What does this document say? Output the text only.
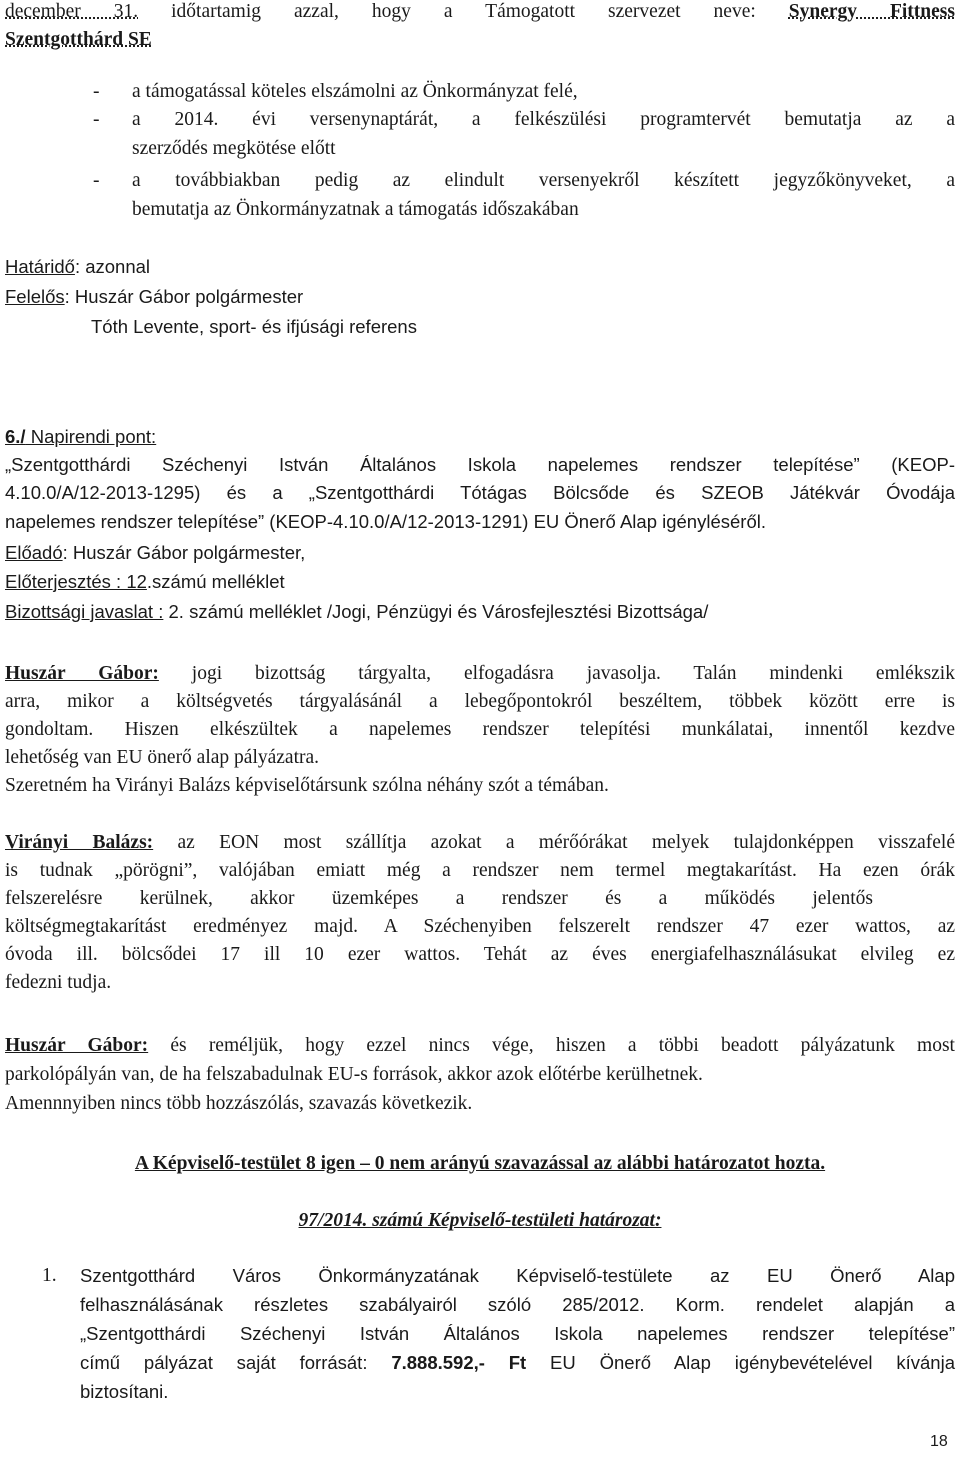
december 31. időtartamig azzal, hogy a Támogatott szervezet neve: Synergy Fittness
Szentgotthárd SE
- a támogatással köteles elszámolni az Önkormányzat felé,
- a 2014. évi versenynaptárát, a felkészülési programtervét bemutatja az a
szerződés megkötése előtt
- a továbbiakban pedig az elindult versenyekről készített jegyzőkönyveket, a
bemutatja az Önkormányzatnak a támogatás időszakában
Határidő: azonnal
Felelős: Huszár Gábor polgármester
Tóth Levente, sport- és ifjúsági referens
6./ Napirendi pont:
„Szentgotthárdi Széchenyi István Általános Iskola napelemes rendszer telepítése” (KEOP-
4.10.0/A/12-2013-1295) és a „Szentgotthárdi Tótágas Bölcsőde és SZEOB Játékvár Óvodája
napelemes rendszer telepítése” (KEOP-4.10.0/A/12-2013-1291) EU Önerő Alap igényléséről.
Előadó: Huszár Gábor polgármester,
Előterjesztés : 12.számú melléklet
Bizottsági javaslat : 2. számú melléklet /Jogi, Pénzügyi és Városfejlesztési Bizottsága/
Huszár Gábor: jogi bizottság tárgyalta, elfogadásra javasolja. Talán mindenki emlékszik
arra, mikor a költségvetés tárgyalásánál a lebegőpontokról beszéltem, többek között erre is
gondoltam. Hiszen elkészültek a napelemes rendszer telepítési munkálatai, innentől kezdve
lehetőség van EU önerő alap pályázatra.
Szeretném ha Virányi Balázs képviselőtársunk szólna néhány szót a témában.
Virányi Balázs: az EON most szállítja azokat a mérőórákat melyek tulajdonképpen visszafelé
is tudnak „pörögni”, valójában emiatt még a rendszer nem termel megtakarítást. Ha ezen órák
felszerelésre kerülnek, akkor üzemképes a rendszer és a működés jelentős
költségmegtakarítást eredményez majd. A Széchenyiben felszerelt rendszer 47 ezer wattos, az
óvoda ill. bölcsődei 17 ill 10 ezer wattos. Tehát az éves energiafelhasználásukat elvileg ez
fedezni tudja.
Huszár Gábor: és reméljük, hogy ezzel nincs vége, hiszen a többi beadott pályázatunk most
parkolópályán van, de ha felszabadulnak EU-s források, akkor azok előtérbe kerülhetnek.
Amennnyiben nincs több hozzászólás, szavazás következik.
A Képviselő-testület 8 igen – 0 nem arányú szavazással az alábbi határozatot hozta.
97/2014. számú Képviselő-testületi határozat:
1. Szentgotthárd Város Önkormányzatának Képviselő-testülete az EU Önerő Alap
felhasználásának részletes szabályairól szóló 285/2012. Korm. rendelet alapján a
„Szentgotthárdi Széchenyi István Általános Iskola napelemes rendszer telepítése”
című pályázat saját forrását: 7.888.592,- Ft EU Önerő Alap igénybevételével kívánja
biztosítani.
18
